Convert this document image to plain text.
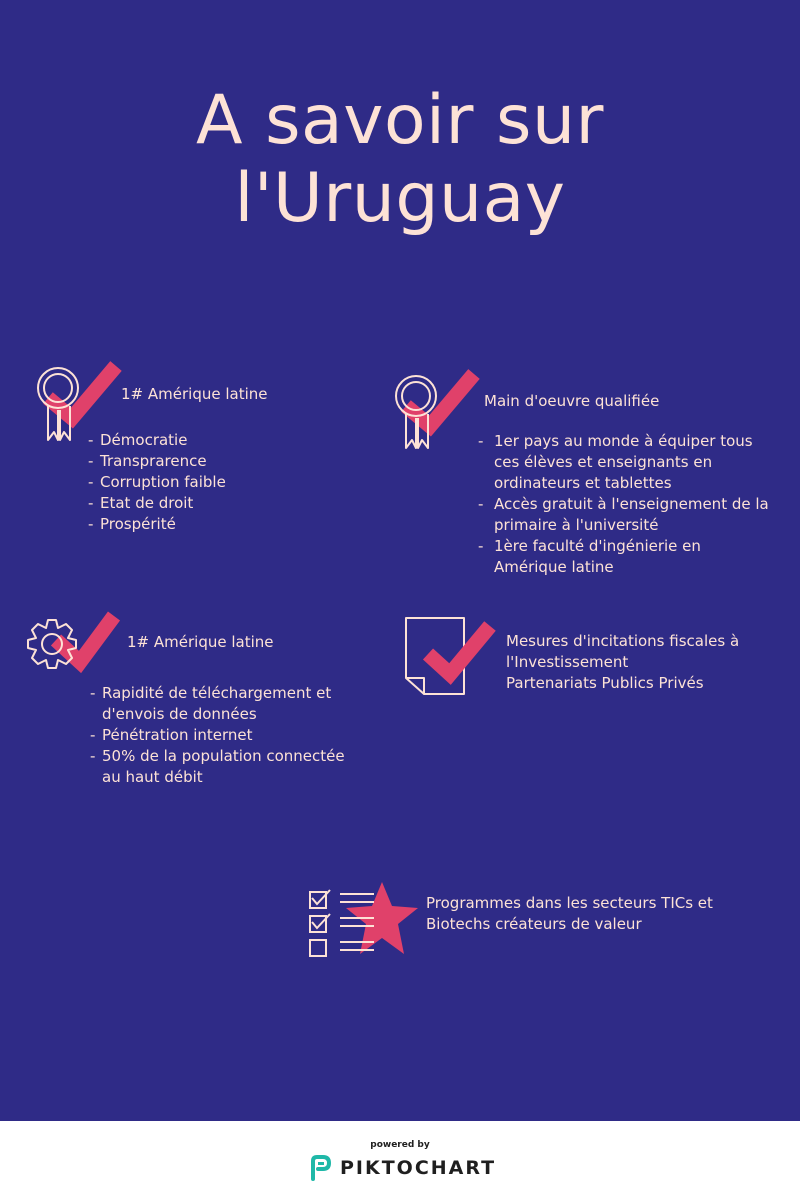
A savoir sur
l'Uruguay
1# Amérique latine
- Démocratie
- Transprarence
- Corruption faible
- Etat de droit
- Prospérité
Main d'oeuvre qualifiée
- 1er pays au monde à équiper tous ces élèves et enseignants en ordinateurs et tablettes
- Accès gratuit à l'enseignement de la primaire à l'université
- 1ère faculté d'ingénierie en Amérique latine
1# Amérique latine
- Rapidité de téléchargement et d'envois de données
- Pénétration internet
- 50% de la population connectée au haut débit
Mesures d'incitations fiscales à l'Investissement
Partenariats Publics Privés
Programmes dans les secteurs TICs et Biotechs créateurs de valeur
powered by
PIKTOCHART
